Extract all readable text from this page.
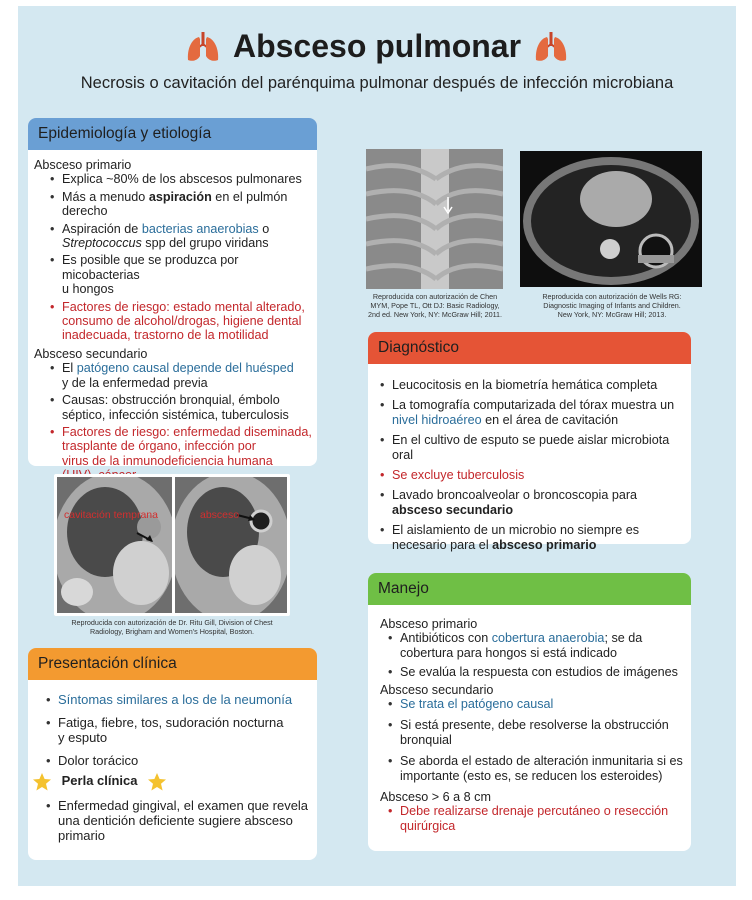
Absceso pulmonar
Necrosis o cavitación del parénquima pulmonar después de infección microbiana
Epidemiología y etiología
Absceso primario
• Explica ~80% de los abscesos pulmonares
• Más a menudo aspiración en el pulmón derecho
• Aspiración de bacterias anaerobias o
Streptococcus spp del grupo viridans
• Es posible que se produzca por micobacterias
u hongos
• Factores de riesgo: estado mental alterado, consumo de alcohol/drogas, higiene dental inadecuada, trastorno de la motilidad
Absceso secundario
• El patógeno causal depende del huésped
y de la enfermedad previa
• Causas: obstrucción bronquial, émbolo séptico, infección sistémica, tuberculosis
• Factores de riesgo: enfermedad diseminada, trasplante de órgano, infección por
virus de la inmunodeficiencia humana

cavitación temprana	absceso
Reproducida con autorización de Dr. Ritu Gill, Division of Chest Radiology, Brigham and Women's Hospital, Boston.
Presentación clínica
• Síntomas similares a los de la neumonía
• Fatiga, fiebre, tos, sudoración nocturna
y esputo
• Dolor torácico
Perla clínica
• Enfermedad gingival, el examen que revela una dentición deficiente sugiere absceso primario
Reproducida con autorización de Chen
MYM, Pope TL, Ott DJ: Basic Radiology,
2nd ed. New York, NY: McGraw Hill; 2011.
Reproducida con autorización de Wells RG:
Diagnostic Imaging of Infants and Children.
New York, NY: McGraw Hill; 2013.
Diagnóstico
• Leucocitosis en la biometría hemática completa
• La tomografía computarizada del tórax muestra un
nivel hidroaéreo en el área de cavitación
• En el cultivo de esputo se puede aislar microbiota oral
• Se excluye tuberculosis
• Lavado broncoalveolar o broncoscopia para
absceso secundario
• El aislamiento de un microbio no siempre es necesario para el absceso primario
Manejo
Absceso primario
• Antibióticos con cobertura anaerobia; se da cobertura para hongos si está indicado
• Se evalúa la respuesta con estudios de imágenes
Absceso secundario
• Se trata el patógeno causal
• Si está presente, debe resolverse la obstrucción bronquial
• Se aborda el estado de alteración inmunitaria si es importante (esto es, se reducen los esteroides)
Absceso > 6 a 8 cm
• Debe realizarse drenaje percutáneo o resección quirúrgica
